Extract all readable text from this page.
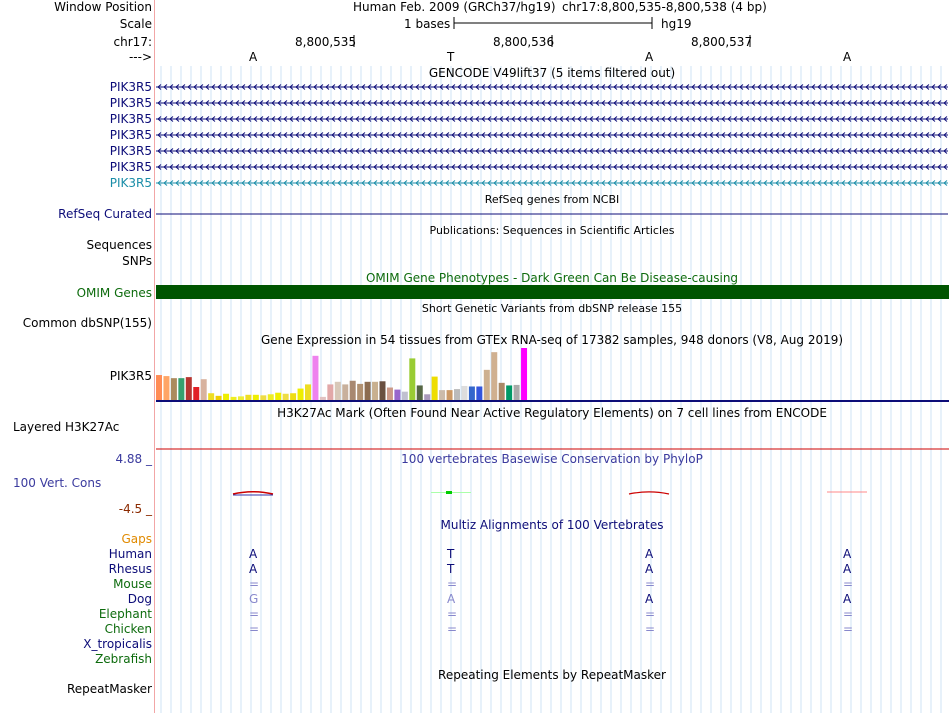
Window Position	Human Feb. 2009 (GRCh37/hg19) chr17:8,800,535-8,800,538 (4 bp)
Scale	1 bases	hg19
chr17:	8,800,535	8,800,536	8,800,537
--->	A	T	A	A
GENCODE V49lift37 (5 items filtered out)
PIK3R5
PIK3R5
PIK3R5
PIK3R5
PIK3R5
PIK3R5
PIK3R5
RefSeq genes from NCBI
RefSeq Curated
Publications: Sequences in Scientific Articles
Sequences
SNPs
OMIM Gene Phenotypes - Dark Green Can Be Disease-causing
OMIM Genes
Short Genetic Variants from dbSNP release 155
Common dbSNP(155)
Gene Expression in 54 tissues from GTEx RNA-seq of 17382 samples, 948 donors (V8, Aug 2019)
PIK3R5
H3K27Ac Mark (Often Found Near Active Regulatory Elements) on 7 cell lines from ENCODE
Layered H3K27Ac
100 vertebrates Basewise Conservation by PhyloP
4.88 _
100 Vert. Cons
-4.5 _
Multiz Alignments of 100 Vertebrates
Gaps
Human	A	T	A	A
Rhesus	A	T	A	A
Mouse	=	=	=	=
Dog	G	A	A	A
Elephant	=	=	=	=
Chicken	=	=	=	=
X_tropicalis
Zebrafish
Repeating Elements by RepeatMasker
RepeatMasker
